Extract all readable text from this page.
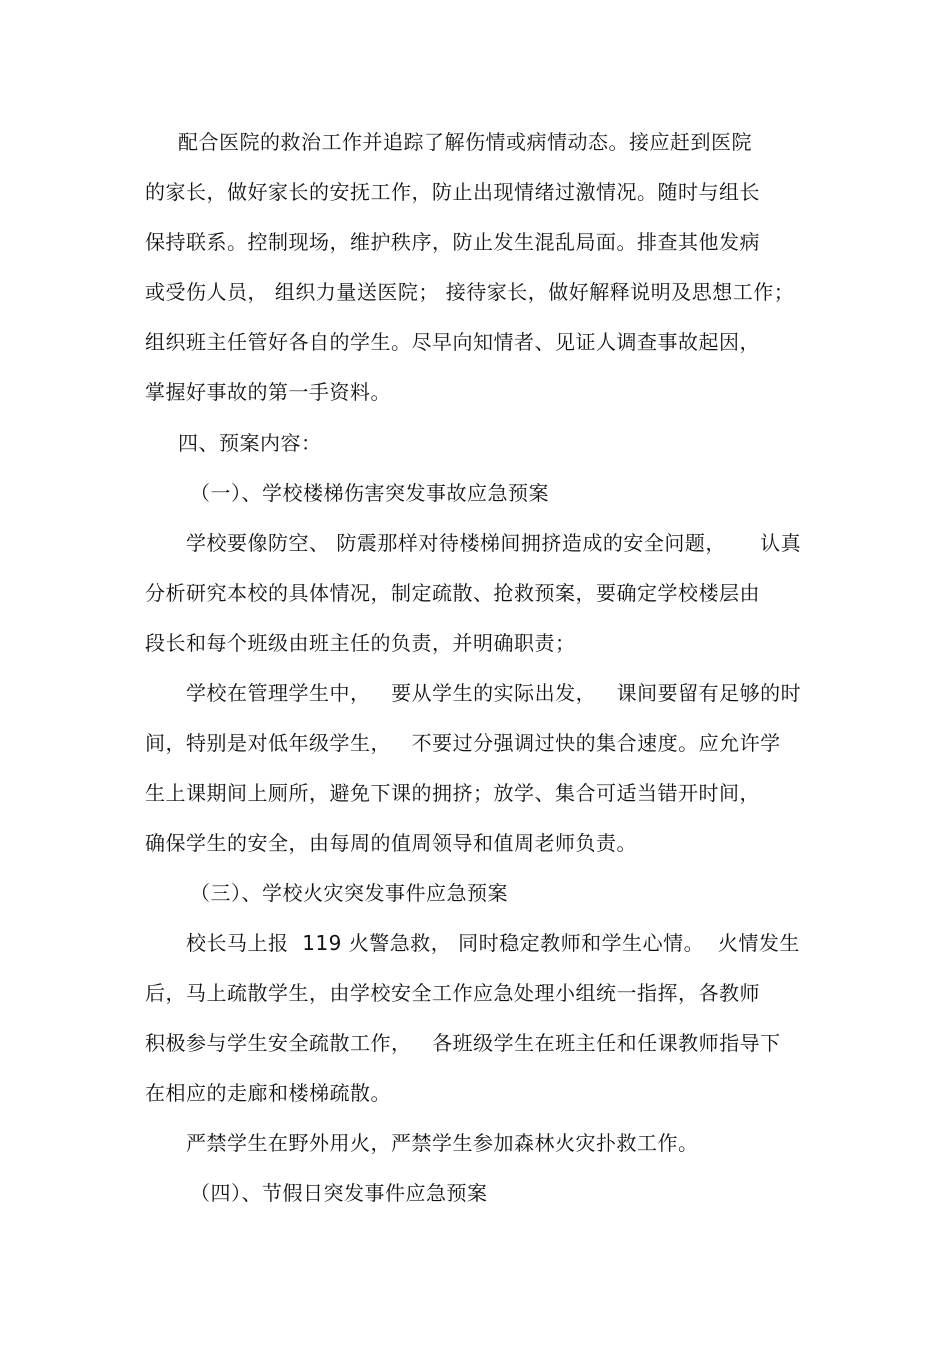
配合医院的救治工作并追踪了解伤情或病情动态。接应赶到医院
的家长，做好家长的安抚工作，防止出现情绪过激情况。随时与组长
保持联系。控制现场，维护秩序，防止发生混乱局面。排查其他发病
或受伤人员， 组织力量送医院； 接待家长，做好解释说明及思想工作；
组织班主任管好各自的学生。尽早向知情者、见证人调查事故起因，
掌握好事故的第一手资料。
四、预案内容：
（一）、学校楼梯伤害突发事故应急预案
学校要像防空、 防震那样对待楼梯间拥挤造成的安全问题，     认真
分析研究本校的具体情况，制定疏散、抢救预案，要确定学校楼层由
段长和每个班级由班主任的负责，并明确职责；
学校在管理学生中，   要从学生的实际出发，   课间要留有足够的时
间，特别是对低年级学生，   不要过分强调过快的集合速度。应允许学
生上课期间上厕所，避免下课的拥挤；放学、集合可适当错开时间，
确保学生的安全，由每周的值周领导和值周老师负责。
（三）、学校火灾突发事件应急预案
校长马上报  119 火警急救， 同时稳定教师和学生心情。  火情发生
后，马上疏散学生，由学校安全工作应急处理小组统一指挥，各教师
积极参与学生安全疏散工作，   各班级学生在班主任和任课教师指导下
在相应的走廊和楼梯疏散。
严禁学生在野外用火，严禁学生参加森林火灾扑救工作。
（四）、节假日突发事件应急预案
